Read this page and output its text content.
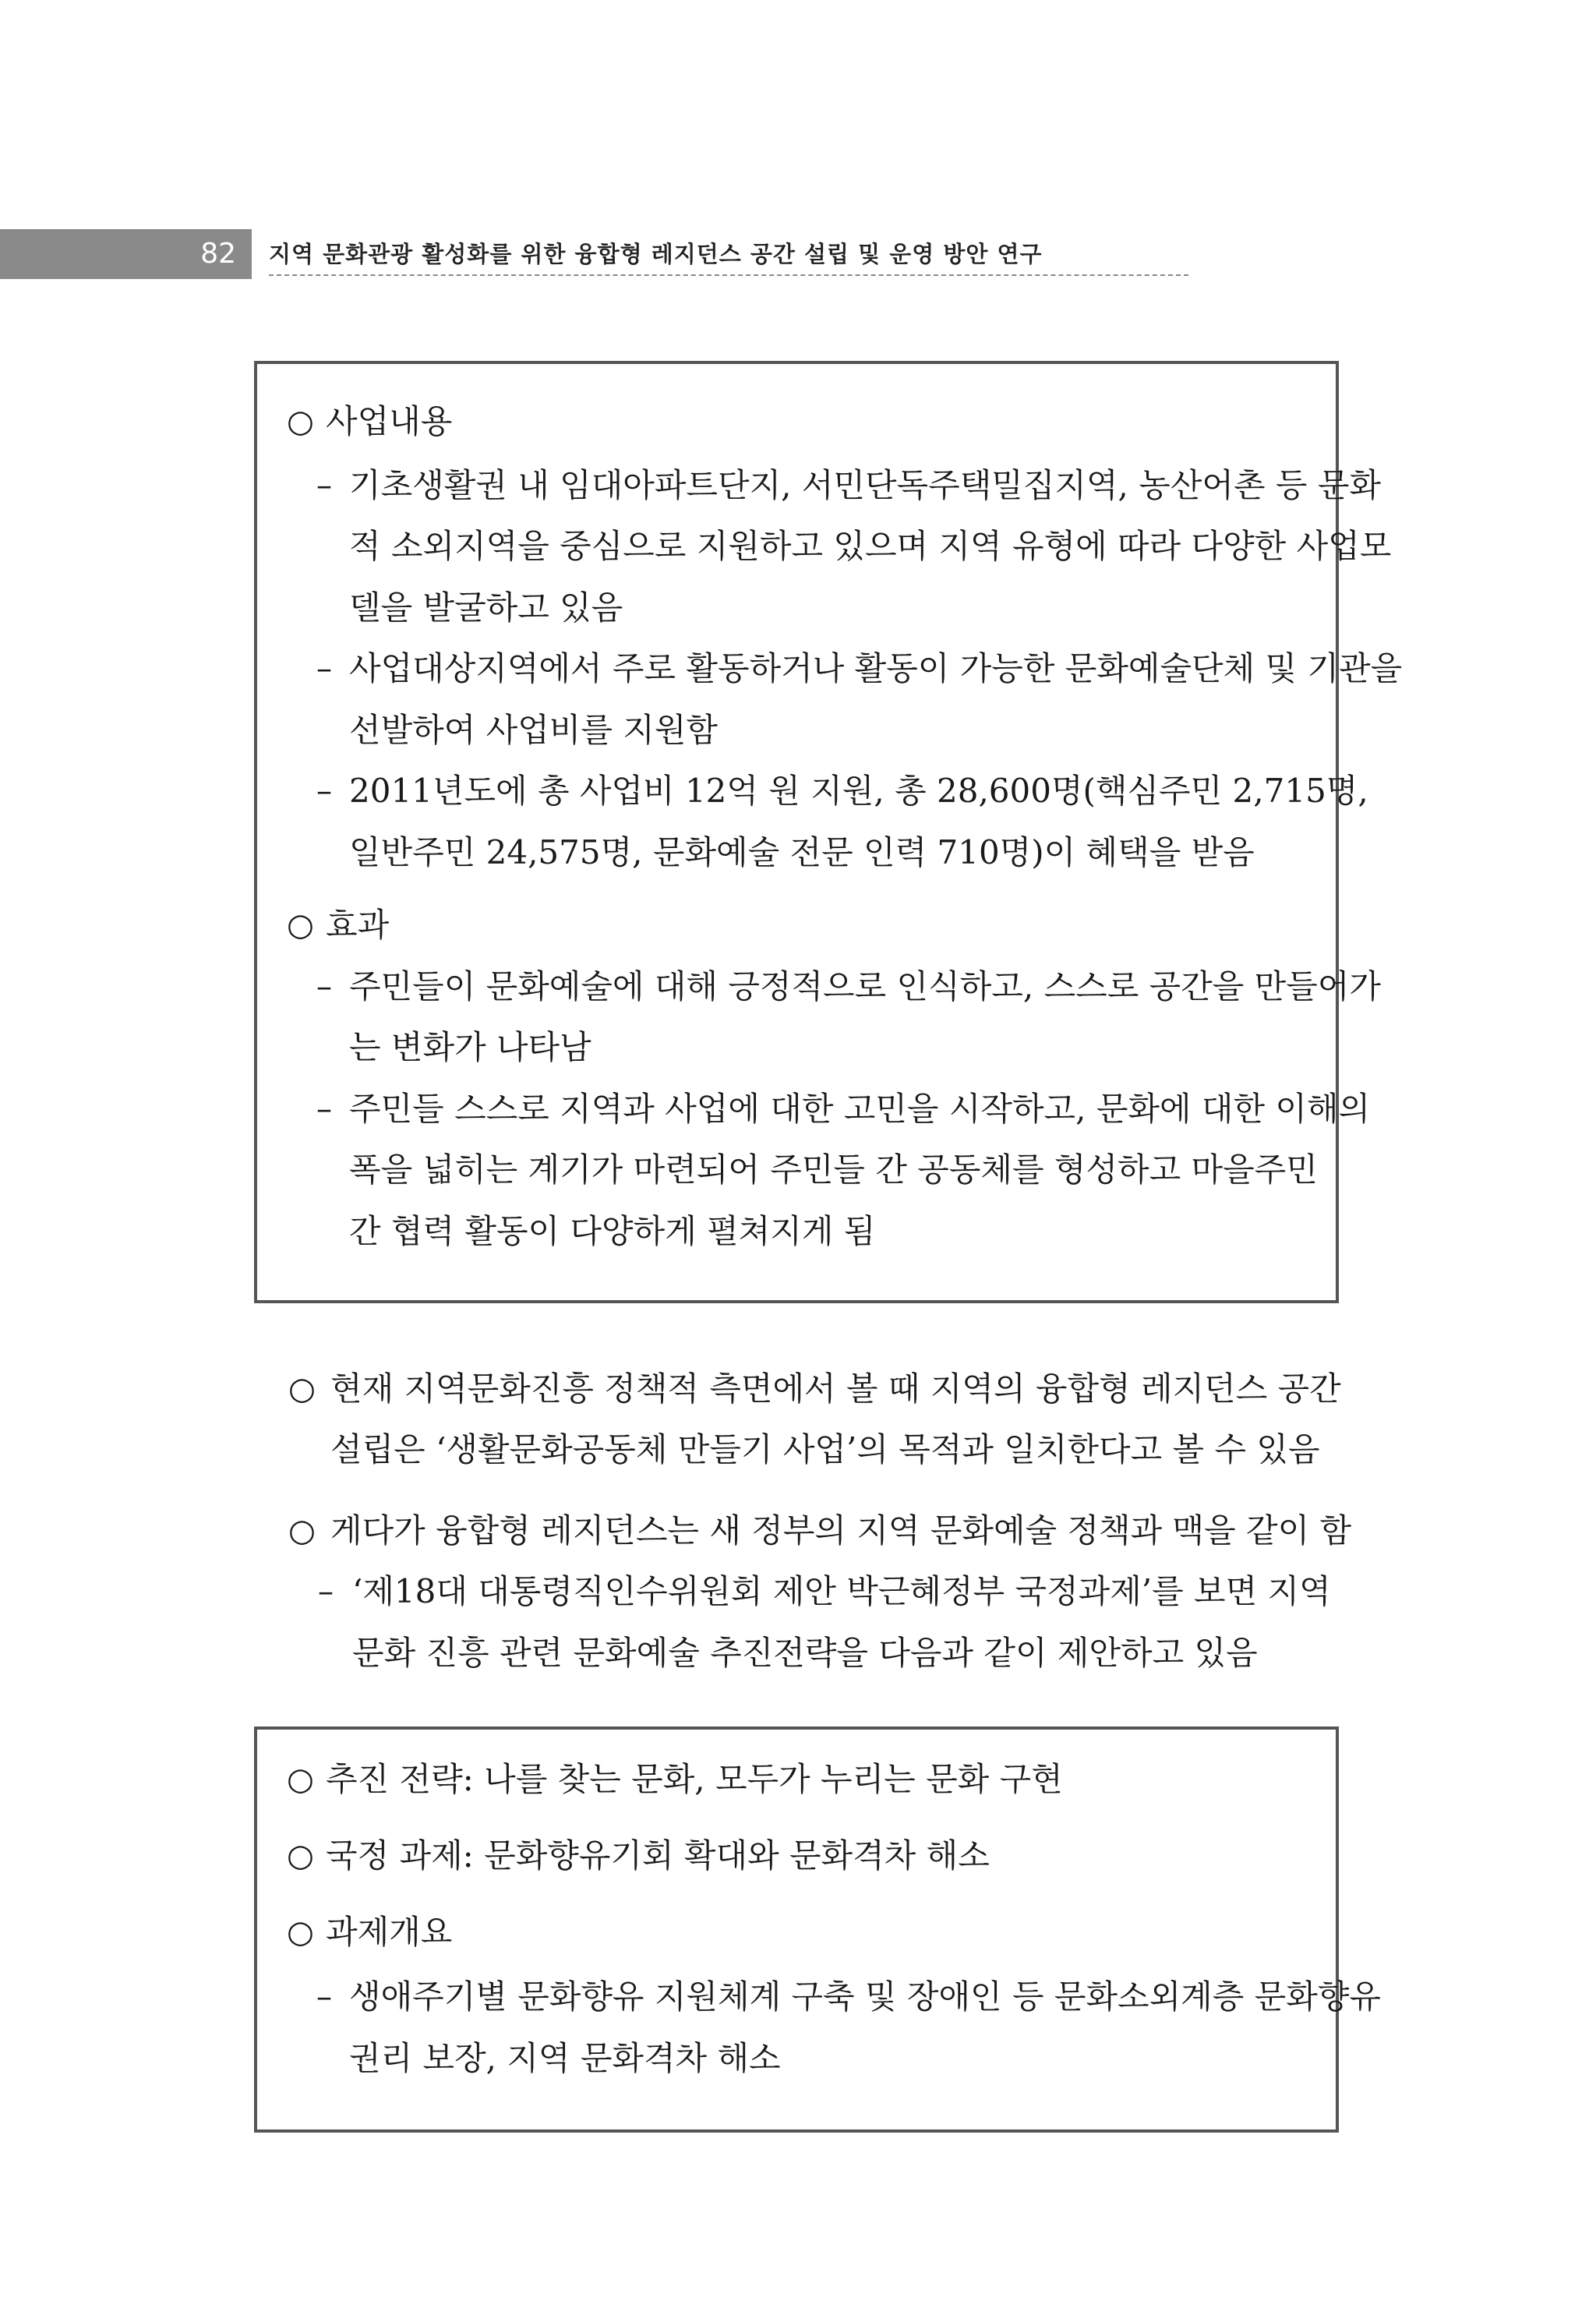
82	지역 문화관광 활성화를 위한 융합형 레지던스 공간 설립 및 운영 방안 연구
○ 사업내용
– 기초생활권 내 임대아파트단지, 서민단독주택밀집지역, 농산어촌 등 문화
적 소외지역을 중심으로 지원하고 있으며 지역 유형에 따라 다양한 사업모
델을 발굴하고 있음
– 사업대상지역에서 주로 활동하거나 활동이 가능한 문화예술단체 및 기관을
선발하여 사업비를 지원함
– 2011년도에 총 사업비 12억 원 지원, 총 28,600명(핵심주민 2,715명,
일반주민 24,575명, 문화예술 전문 인력 710명)이 혜택을 받음
○ 효과
– 주민들이 문화예술에 대해 긍정적으로 인식하고, 스스로 공간을 만들어가
는 변화가 나타남
– 주민들 스스로 지역과 사업에 대한 고민을 시작하고, 문화에 대한 이해의
폭을 넓히는 계기가 마련되어 주민들 간 공동체를 형성하고 마을주민
간 협력 활동이 다양하게 펼쳐지게 됨
○ 현재 지역문화진흥 정책적 측면에서 볼 때 지역의 융합형 레지던스 공간
설립은 ‘생활문화공동체 만들기 사업’의 목적과 일치한다고 볼 수 있음
○ 게다가 융합형 레지던스는 새 정부의 지역 문화예술 정책과 맥을 같이 함
– ‘제18대 대통령직인수위원회 제안 박근혜정부 국정과제’를 보면 지역
문화 진흥 관련 문화예술 추진전략을 다음과 같이 제안하고 있음
○ 추진 전략: 나를 찾는 문화, 모두가 누리는 문화 구현
○ 국정 과제: 문화향유기회 확대와 문화격차 해소
○ 과제개요
– 생애주기별 문화향유 지원체계 구축 및 장애인 등 문화소외계층 문화향유
권리 보장, 지역 문화격차 해소
